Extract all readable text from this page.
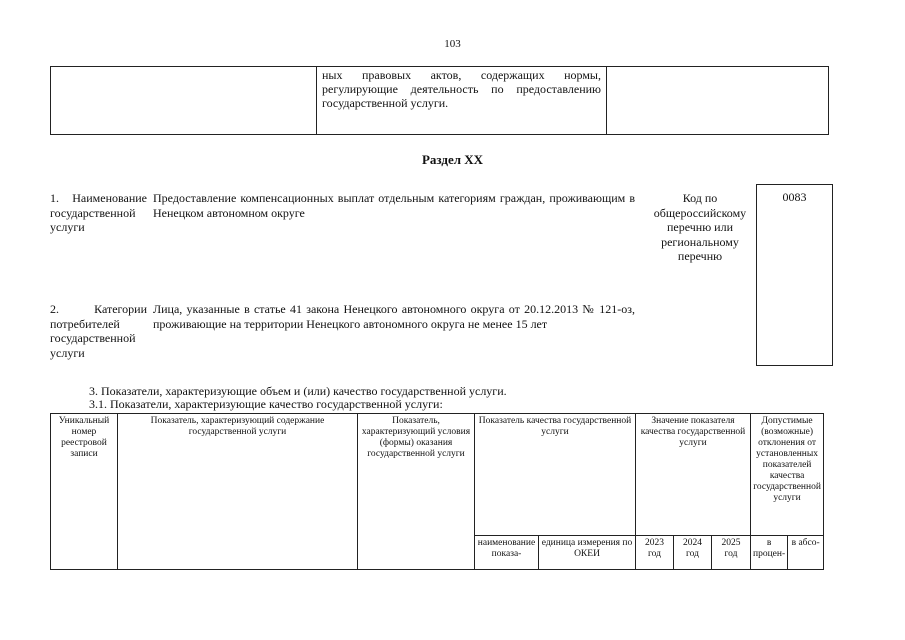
103
	ных правовых актов, содержащих нормы, регулирующие деятельность по предоставлению государственной услуги.	
Раздел XX
1. Наименование государственной услуги
Предоставление компенсационных выплат отдельным категориям граждан, проживающим в Ненецком автономном округе
Код по общероссийскому перечню или региональному перечню
0083
2. Категории потребителей государственной услуги
Лица, указанные в статье 41 закона Ненецкого автономного округа от 20.12.2013 № 121-оз, проживающие на территории Ненецкого автономного округа не менее 15 лет
3. Показатели, характеризующие объем и (или) качество государственной услуги.
3.1. Показатели, характеризующие качество государственной услуги:
Уникальный номер реестровой записи	Показатель, характеризующий содержание государственной услуги	Показатель, характеризующий условия (формы) оказания государственной услуги	Показатель качества государственной услуги		Значение показателя качества государственной услуги			Допустимые (возможные) отклонения от установленных показателей качества государственной услуги	
			наименование показа-	единица измерения по ОКЕИ	2023 год	2024 год	2025 год	в процен-	в абсо-
